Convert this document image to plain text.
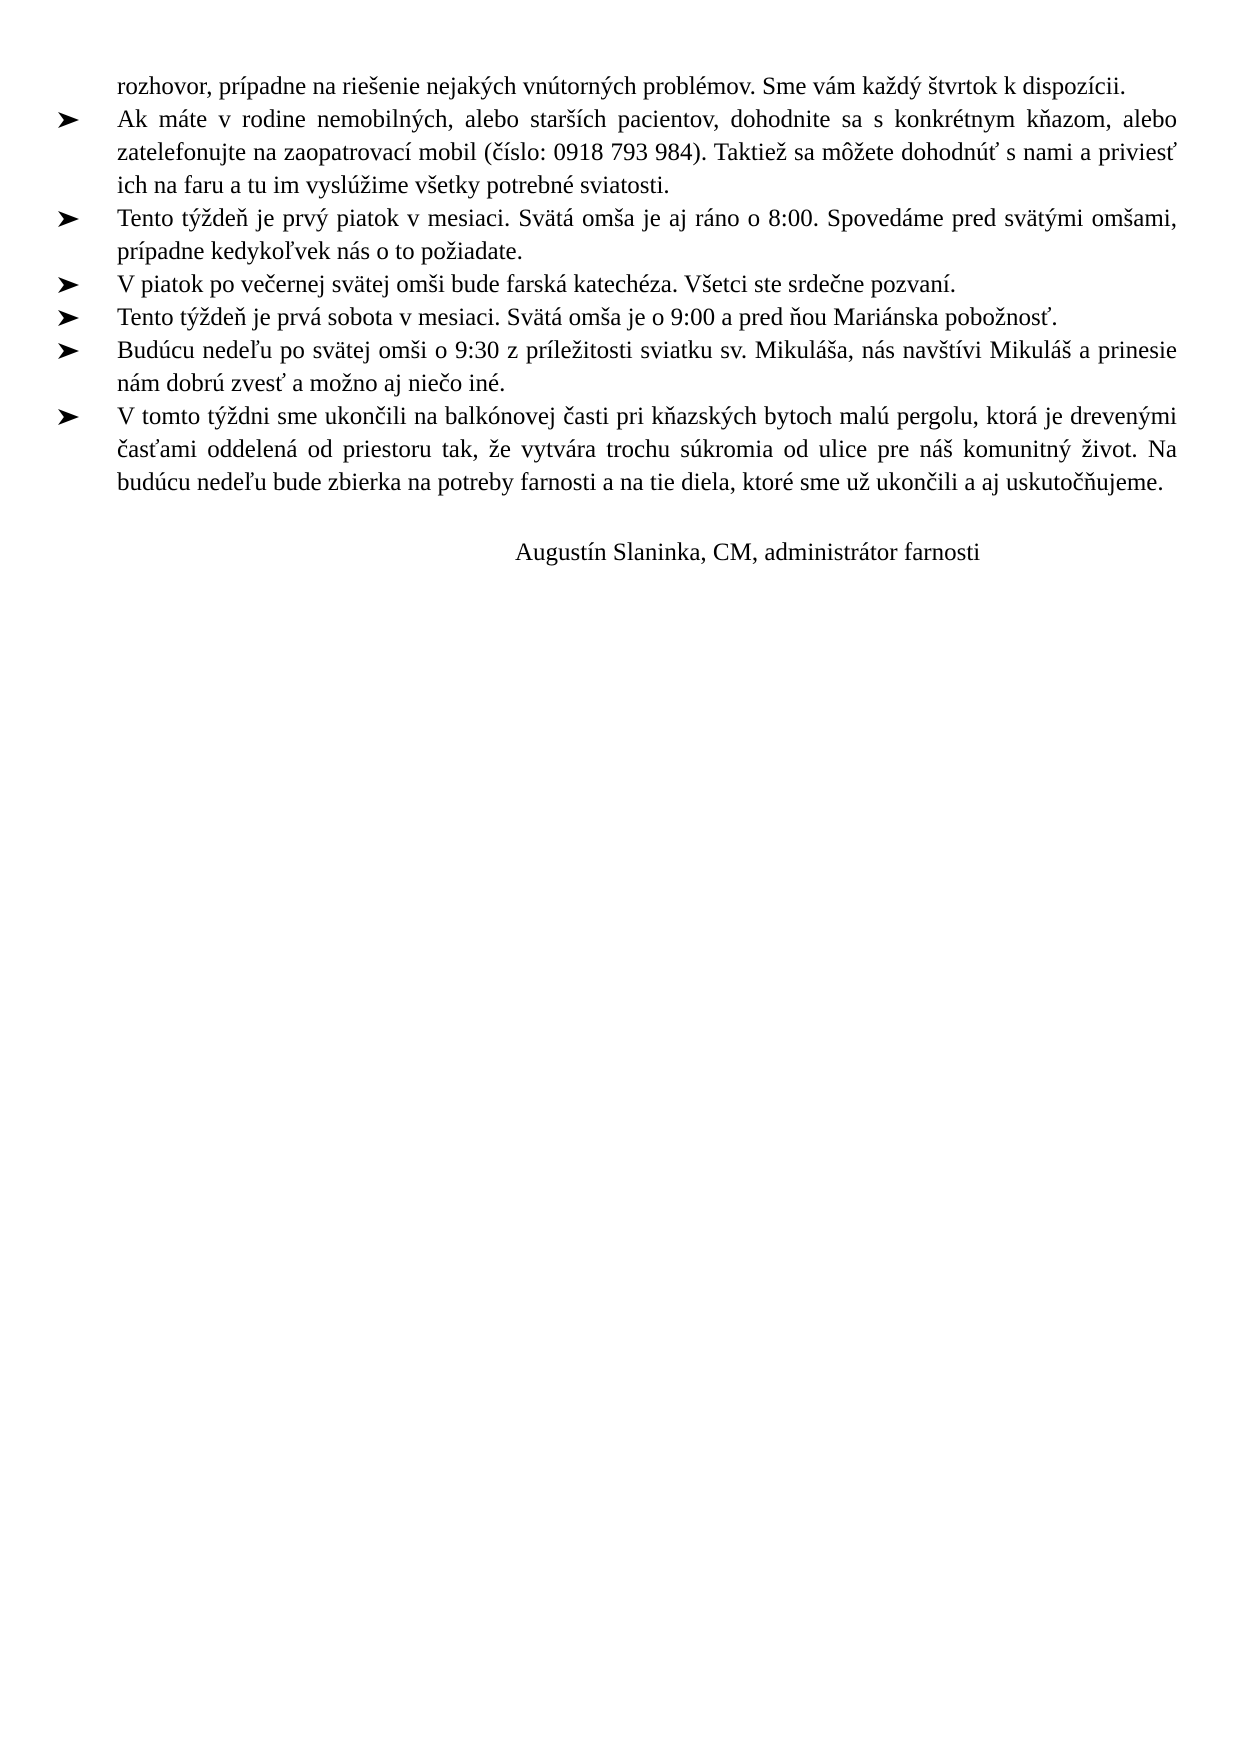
rozhovor, prípadne na riešenie nejakých vnútorných problémov. Sme vám každý štvrtok k dispozícii.

Ak máte v rodine nemobilných, alebo starších pacientov, dohodnite sa s konkrétnym kňazom, alebo zatelefonujte na zaopatrovací mobil (číslo: 0918 793 984). Taktiež sa môžete dohodnúť s nami a priviesť ich na faru a tu im vyslúžime všetky potrebné sviatosti.
Tento týždeň je prvý piatok v mesiaci. Svätá omša je aj ráno o 8:00. Spovedáme pred svätými omšami, prípadne kedykoľvek nás o to požiadate.
V piatok po večernej svätej omši bude farská katechéza. Všetci ste srdečne pozvaní.
Tento týždeň je prvá sobota v mesiaci. Svätá omša je o 9:00 a pred ňou Mariánska pobožnosť.
Budúcu nedeľu po svätej omši o 9:30 z príležitosti sviatku sv. Mikuláša, nás navštívi Mikuláš a prinesie nám dobrú zvesť a možno aj niečo iné.
V tomto týždni sme ukončili na balkónovej časti pri kňazských bytoch malú pergolu, ktorá je drevenými časťami oddelená od priestoru tak, že vytvára trochu súkromia od ulice pre náš komunitný život. Na budúcu nedeľu bude zbierka na potreby farnosti a na tie diela, ktoré sme už ukončili a aj uskutočňujeme.

Augustín Slaninka, CM, administrátor farnosti
